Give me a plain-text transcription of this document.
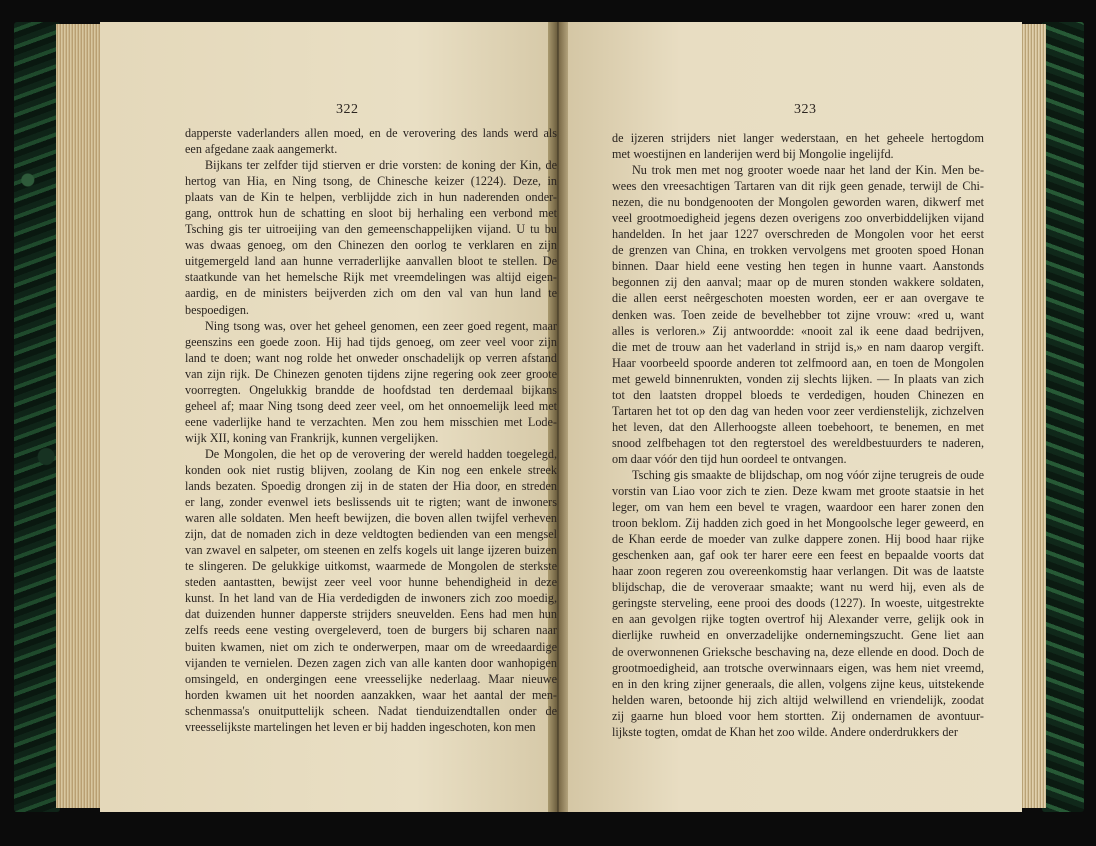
322	323
dapperste vaderlanders allen moed, en de verovering des lands werd als
een afgedane zaak aangemerkt.
Bijkans ter zelfder tijd stierven er drie vorsten: de koning der Kin, de
hertog van Hia, en Ning tsong, de Chinesche keizer (1224). Deze, in
plaats van de Kin te helpen, verblijdde zich in hun naderenden onder-
gang, onttrok hun de schatting en sloot bij herhaling een verbond met
Tsching gis ter uitroeijing van den gemeenschappelijken vijand. U tu bu
was dwaas genoeg, om den Chinezen den oorlog te verklaren en zijn
uitgemergeld land aan hunne verraderlijke aanvallen bloot te stellen. De
staatkunde van het hemelsche Rijk met vreemdelingen was altijd eigen-
aardig, en de ministers beijverden zich om den val van hun land te
bespoedigen.
Ning tsong was, over het geheel genomen, een zeer goed regent, maar
geenszins een goede zoon. Hij had tijds genoeg, om zeer veel voor zijn
land te doen; want nog rolde het onweder onschadelijk op verren afstand
van zijn rijk. De Chinezen genoten tijdens zijne regering ook zeer groote
voorregten. Ongelukkig brandde de hoofdstad ten derdemaal bijkans
geheel af; maar Ning tsong deed zeer veel, om het onnoemelijk leed met
eene vaderlijke hand te verzachten. Men zou hem misschien met Lode-
wijk XII, koning van Frankrijk, kunnen vergelijken.
De Mongolen, die het op de verovering der wereld hadden toegelegd,
konden ook niet rustig blijven, zoolang de Kin nog een enkele streek
lands bezaten. Spoedig drongen zij in de staten der Hia door, en streden
er lang, zonder evenwel iets beslissends uit te rigten; want de inwoners
waren alle soldaten. Men heeft bewijzen, die boven allen twijfel verheven
zijn, dat de nomaden zich in deze veldtogten bedienden van een mengsel
van zwavel en salpeter, om steenen en zelfs kogels uit lange ijzeren buizen
te slingeren. De gelukkige uitkomst, waarmede de Mongolen de sterkste
steden aantastten, bewijst zeer veel voor hunne behendigheid in deze
kunst. In het land van de Hia verdedigden de inwoners zich zoo moedig,
dat duizenden hunner dapperste strijders sneuvelden. Eens had men hun
zelfs reeds eene vesting overgeleverd, toen de burgers bij scharen naar
buiten kwamen, niet om zich te onderwerpen, maar om de wreedaardige
vijanden te vernielen. Dezen zagen zich van alle kanten door wanhopigen
omsingeld, en ondergingen eene vreesselijke nederlaag. Maar nieuwe
horden kwamen uit het noorden aanzakken, waar het aantal der men-
schenmassa's onuitputtelijk scheen. Nadat tienduizendtallen onder de
vreesselijkste martelingen het leven er bij hadden ingeschoten, kon men
de ijzeren strijders niet langer wederstaan, en het geheele hertogdom
met woestijnen en landerijen werd bij Mongolie ingelijfd.
Nu trok men met nog grooter woede naar het land der Kin. Men be-
wees den vreesachtigen Tartaren van dit rijk geen genade, terwijl de Chi-
nezen, die nu bondgenooten der Mongolen geworden waren, dikwerf met
veel grootmoedigheid jegens dezen overigens zoo onverbiddelijken vijand
handelden. In het jaar 1227 overschreden de Mongolen voor het eerst
de grenzen van China, en trokken vervolgens met grooten spoed Honan
binnen. Daar hield eene vesting hen tegen in hunne vaart. Aanstonds
begonnen zij den aanval; maar op de muren stonden wakkere soldaten,
die allen eerst neêrgeschoten moesten worden, eer er aan overgave te
denken was. Toen zeide de bevelhebber tot zijne vrouw: «red u, want
alles is verloren.» Zij antwoordde: «nooit zal ik eene daad bedrijven,
die met de trouw aan het vaderland in strijd is,» en nam daarop vergift.
Haar voorbeeld spoorde anderen tot zelfmoord aan, en toen de Mongolen
met geweld binnenrukten, vonden zij slechts lijken. — In plaats van zich
tot den laatsten droppel bloeds te verdedigen, houden Chinezen en
Tartaren het tot op den dag van heden voor zeer verdienstelijk, zichzelven
het leven, dat den Allerhoogste alleen toebehoort, te benemen, en met
snood zelfbehagen tot den regterstoel des wereldbestuurders te naderen,
om daar vóór den tijd hun oordeel te ontvangen.
Tsching gis smaakte de blijdschap, om nog vóór zijne terugreis de oude
vorstin van Liao voor zich te zien. Deze kwam met groote staatsie in het
leger, om van hem een bevel te vragen, waardoor een harer zonen den
troon beklom. Zij hadden zich goed in het Mongoolsche leger geweerd, en
de Khan eerde de moeder van zulke dappere zonen. Hij bood haar rijke
geschenken aan, gaf ook ter harer eere een feest en bepaalde voorts dat
haar zoon regeren zou overeenkomstig haar verlangen. Dit was de laatste
blijdschap, die de veroveraar smaakte; want nu werd hij, even als de
geringste sterveling, eene prooi des doods (1227). In woeste, uitgestrekte
en aan gevolgen rijke togten overtrof hij Alexander verre, gelijk ook in
dierlijke ruwheid en onverzadelijke ondernemingszucht. Gene liet aan
de overwonnenen Grieksche beschaving na, deze ellende en dood. Doch de
grootmoedigheid, aan trotsche overwinnaars eigen, was hem niet vreemd,
en in den kring zijner generaals, die allen, volgens zijne keus, uitstekende
helden waren, betoonde hij zich altijd welwillend en vriendelijk, zoodat
zij gaarne hun bloed voor hem stortten. Zij ondernamen de avontuur-
lijkste togten, omdat de Khan het zoo wilde. Andere onderdrukkers der
